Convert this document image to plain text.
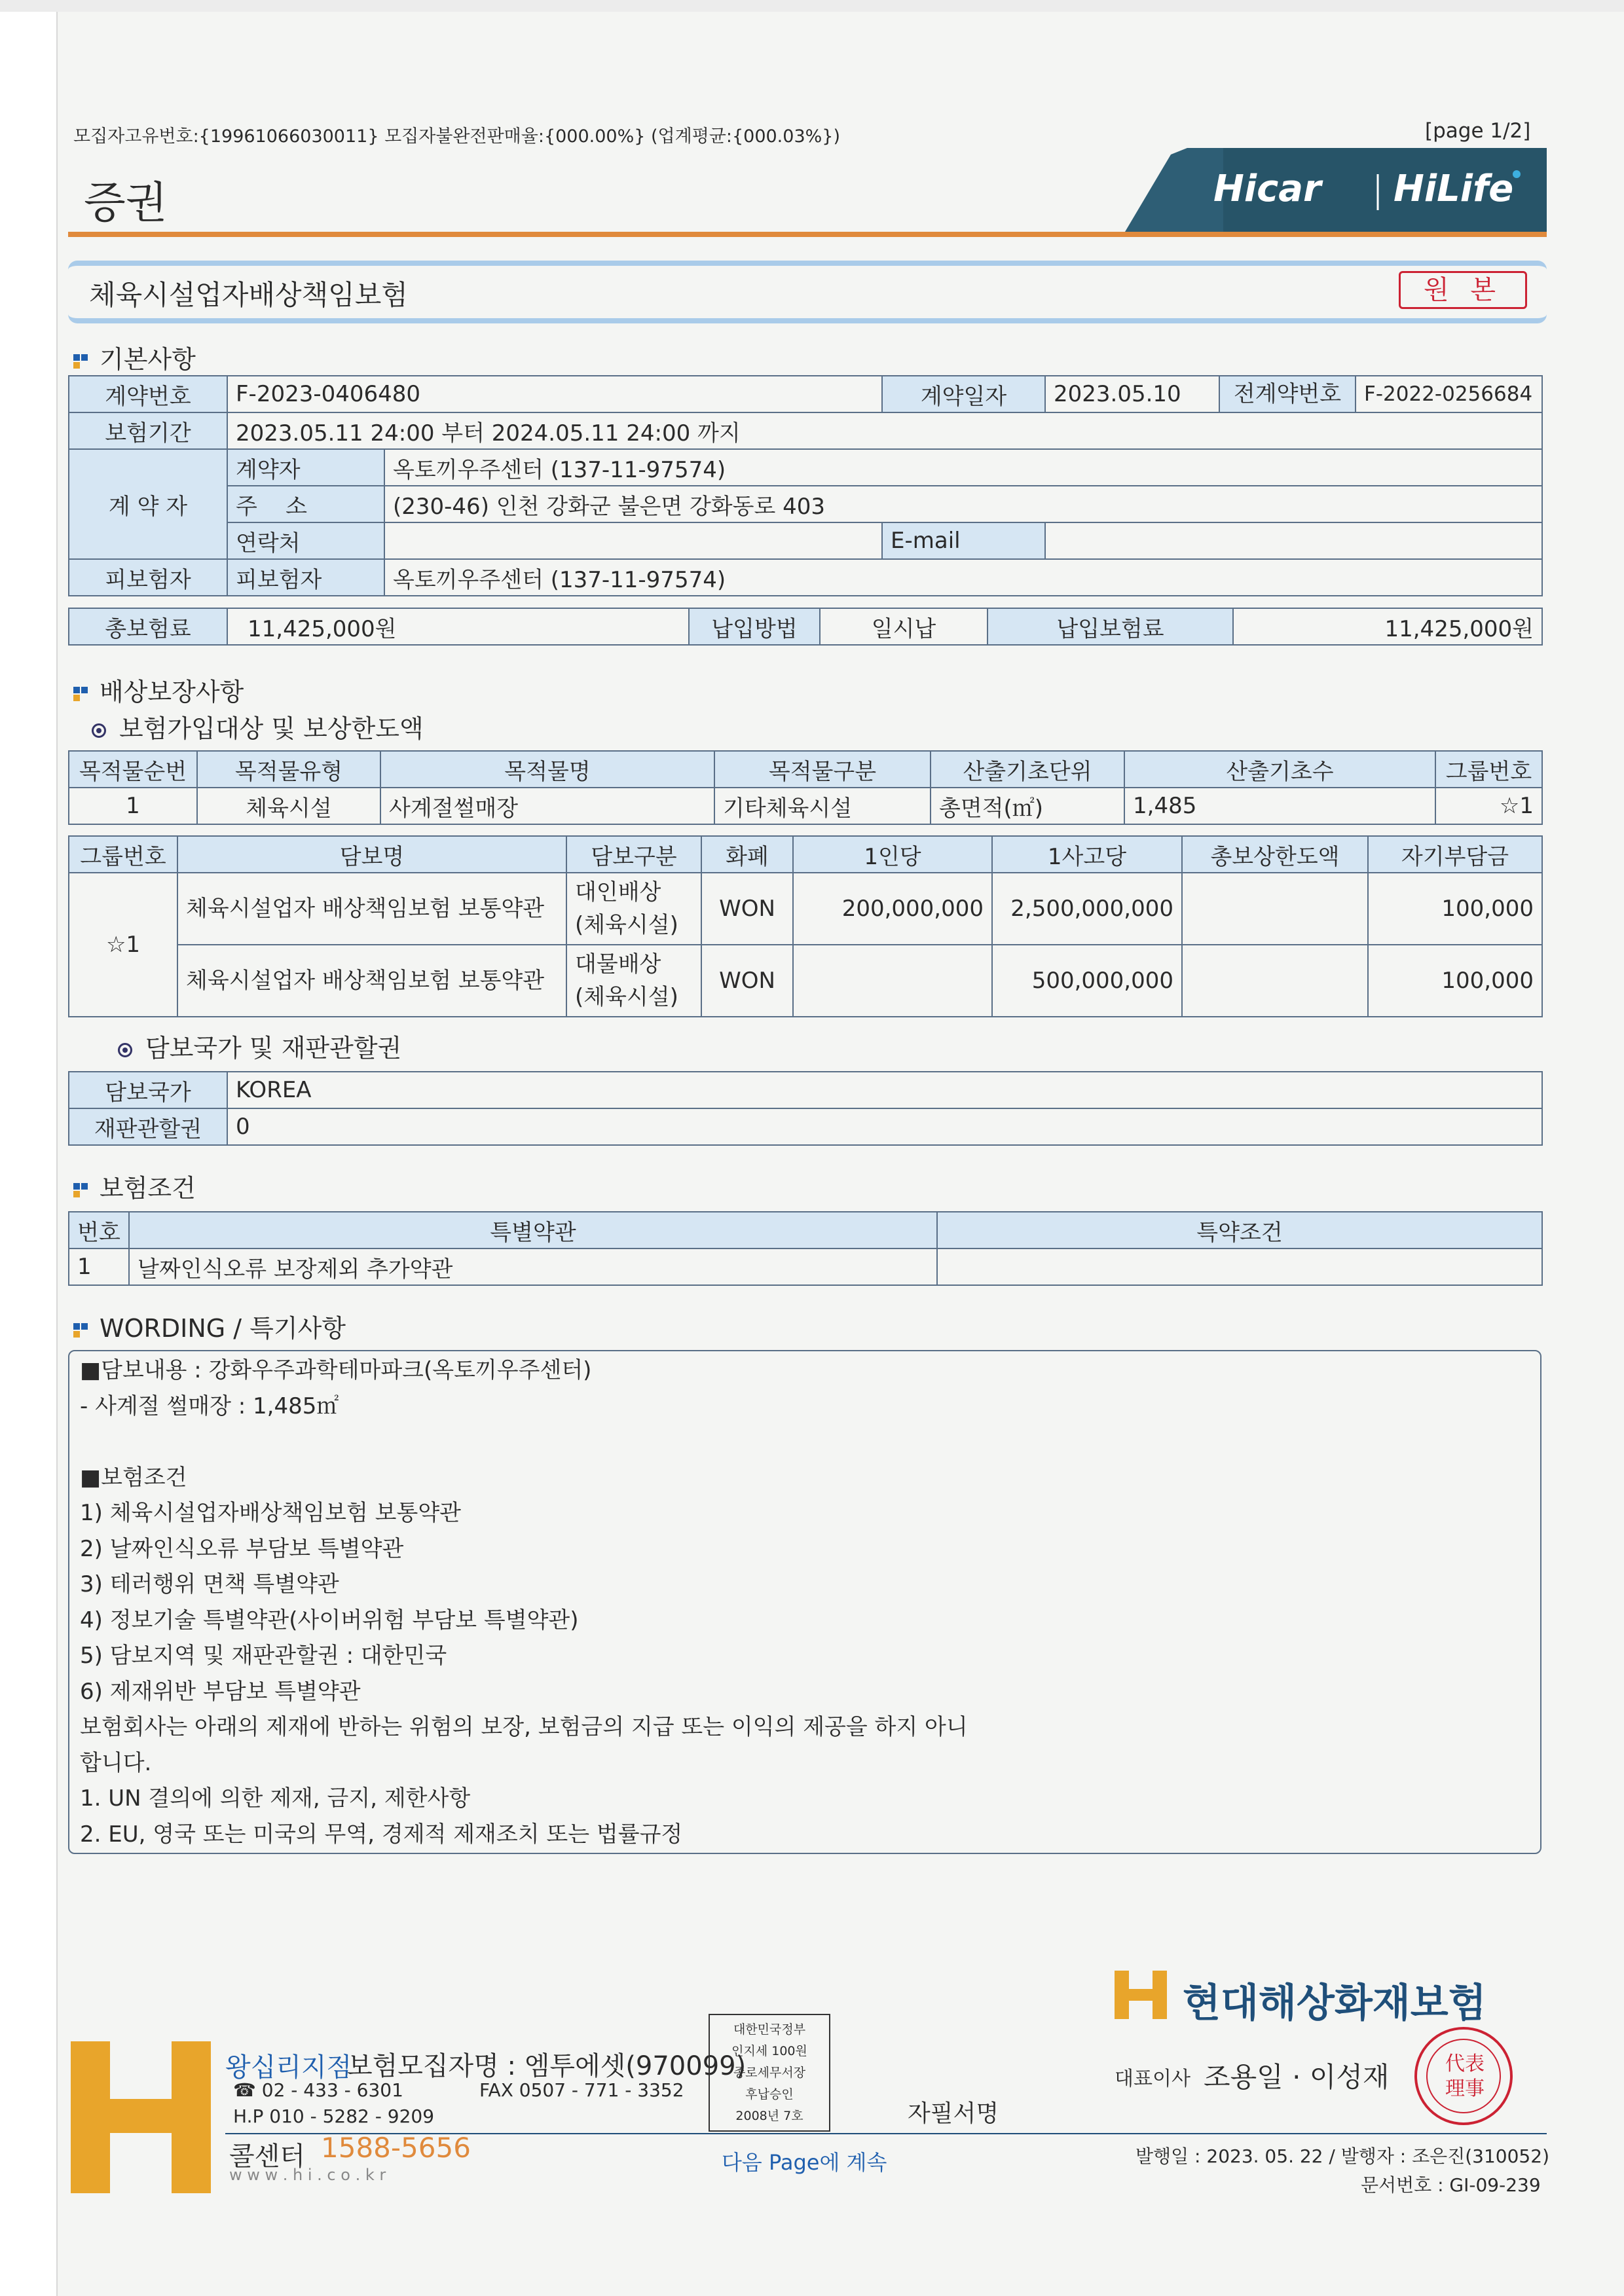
모집자고유번호:{19961066030011} 모집자불완전판매율:{000.00%} (업계평균:{000.03%})	[page 1/2]
증권	Hicar HiLife
체육시설업자배상책임보험	원 본
기본사항
계약번호	F-2023-0406480		계약일자	2023.05.10	전계약번호 F-2022-0256684

보험기간	2023.05.11 24:00 부터 2024.05.11 24:00 까지				
계 약 자	계약자	옥토끼우주센터 (137-11-97574)			
	주    소	(230-46) 인천 강화군 불은면 강화동로 403			
	연락처		E-mail		
피보험자	피보험자	옥토끼우주센터 (137-11-97574)			
총보험료	11,425,000원	납입방법	일시납	납입보험료	11,425,000원
배상보장사항
보험가입대상 및 보상한도액
목적물순번	목적물유형	목적물명	목적물구분	산출기초단위	산출기초수	그룹번호
1	체육시설	사계절썰매장	기타체육시설	총면적(㎡)	1,485	☆1
그룹번호	담보명	담보구분	화폐	1인당	1사고당	총보상한도액	자기부담금
☆1	체육시설업자 배상책임보험 보통약관	대인배상 (체육시설)	WON	200,000,000	2,500,000,000		100,000
	체육시설업자 배상책임보험 보통약관	대물배상 (체육시설)	WON		500,000,000		100,000
담보국가 및 재판관할권
담보국가	KOREA
재판관할권	0
보험조건
번호	특별약관	특약조건
1	날짜인식오류 보장제외 추가약관	
WORDING / 특기사항
■담보내용 : 강화우주과학테마파크(옥토끼우주센터)
- 사계절 썰매장 : 1,485㎡
■보험조건
1) 체육시설업자배상책임보험 보통약관
2) 날짜인식오류 부담보 특별약관
3) 테러행위 면책 특별약관
4) 정보기술 특별약관(사이버위험 부담보 특별약관)
5) 담보지역 및 재판관할권 : 대한민국
6) 제재위반 부담보 특별약관
보험회사는 아래의 제재에 반하는 위험의 보장, 보험금의 지급 또는 이익의 제공을 하지 아니
합니다.
1. UN 결의에 의한 제재, 금지, 제한사항
2. EU, 영국 또는 미국의 무역, 경제적 제재조치 또는 법률규정
현대해상화재보험
대표이사 조용일 · 이성재	代表理事
왕십리지점
보험모집자명 : 엠투에셋(970099)
☎ 02 - 433 - 6301	FAX 0507 - 771 - 3352
H.P 010 - 5282 - 9209
콜센터 1588-5656
w w w . h i . c o . k r
대한민국정부
인지세 100원
종로세무서장
후납승인
2008년 7호	자필서명
다음 Page에 계속	발행일 : 2023. 05. 22 / 발행자 : 조은진(310052)
문서번호 : GI-09-239
